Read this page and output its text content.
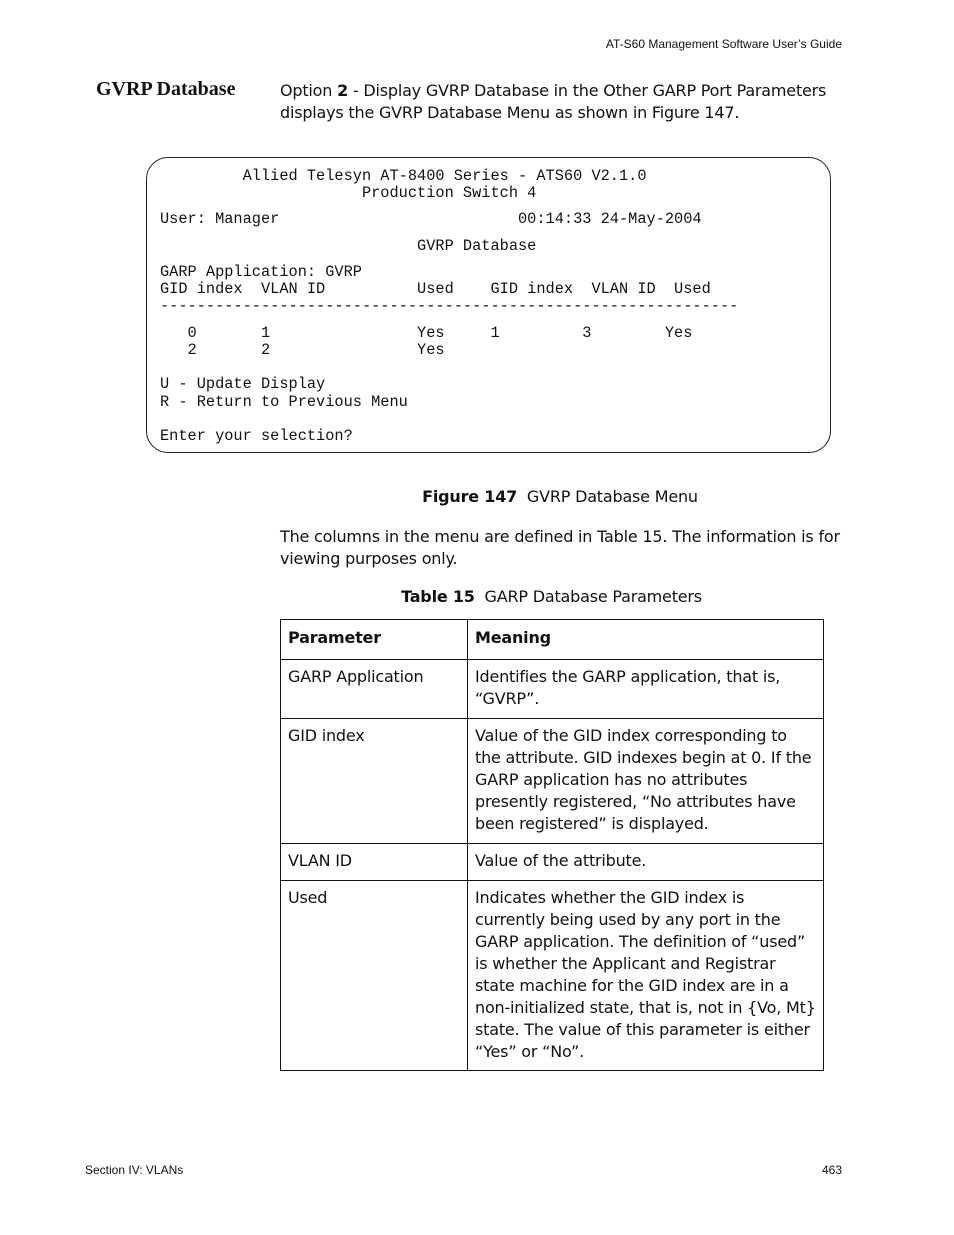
AT-S60 Management Software User’s Guide
GVRP Database	Option 2 - Display GVRP Database in the Other GARP Port Parameters displays the GVRP Database Menu as shown in Figure 147.
Allied Telesyn AT-8400 Series - ATS60 V2.1.0
Production Switch 4
User: Manager                          00:14:33 24-May-2004
GVRP Database
GARP Application: GVRP
GID index  VLAN ID          Used    GID index  VLAN ID  Used
---------------------------------------------------------------
0       1                Yes     1         3        Yes
2       2                Yes
U - Update Display
R - Return to Previous Menu
Enter your selection?
Figure 147 GVRP Database Menu
The columns in the menu are defined in Table 15. The information is for viewing purposes only.
Table 15 GARP Database Parameters
Parameter	Meaning
GARP Application	Identifies the GARP application, that is, “GVRP”.
GID index	Value of the GID index corresponding to the attribute. GID indexes begin at 0. If the GARP application has no attributes presently registered, “No attributes have been registered” is displayed.
VLAN ID	Value of the attribute.
Used	Indicates whether the GID index is currently being used by any port in the GARP application. The definition of “used” is whether the Applicant and Registrar state machine for the GID index are in a non-initialized state, that is, not in {Vo, Mt} state. The value of this parameter is either “Yes” or “No”.
Section IV: VLANs	463
